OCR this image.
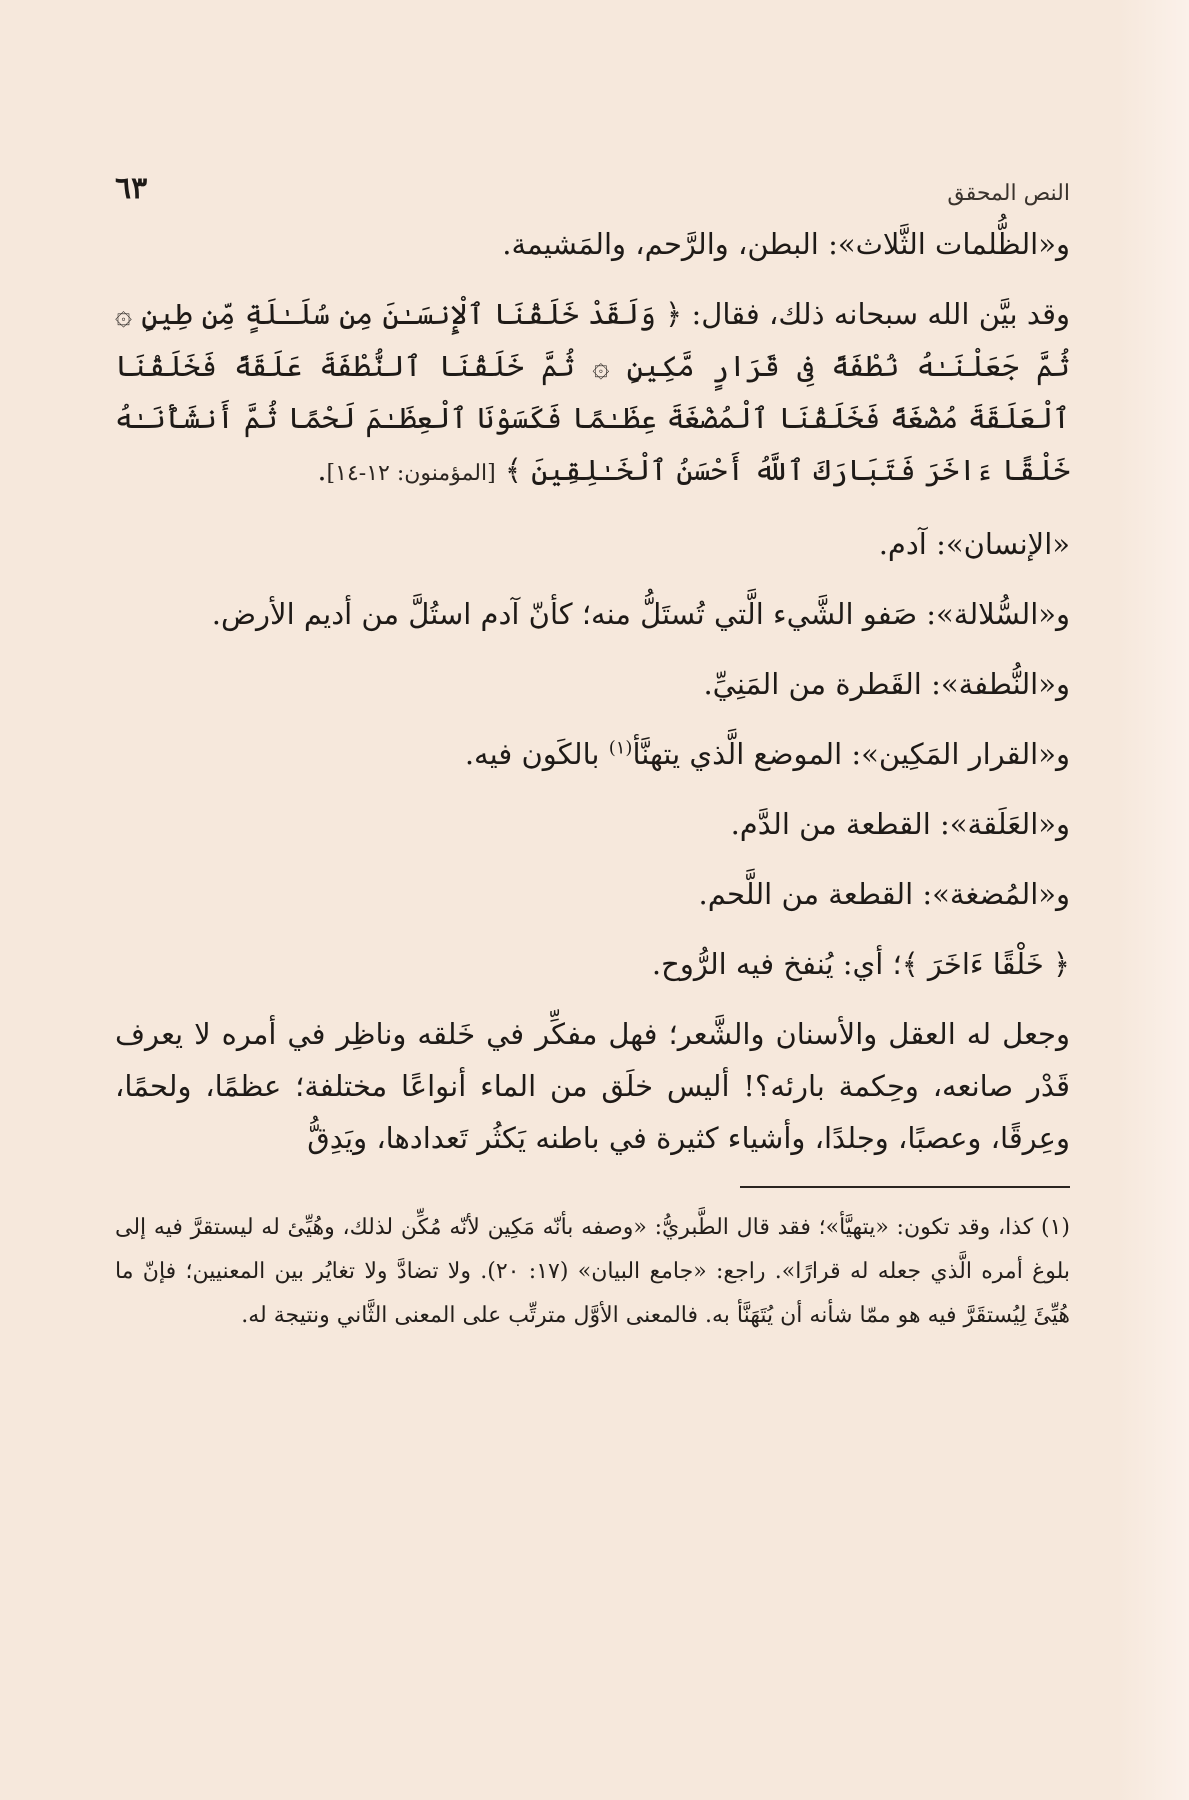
النص المحقق
٦٣

و«الظُّلمات الثَّلاث»: البطن، والرَّحم، والمَشيمة.

وقد بيَّن الله سبحانه ذلك، فقال: ﴿ وَلَقَدْ خَلَقْنَا ٱلْإِنسَـٰنَ مِن سُلَـٰلَةٍ مِّن طِينٍ ۞ ثُمَّ جَعَلْنَـٰهُ نُطْفَةً فِى قَرَارٍ مَّكِينٍ ۞ ثُمَّ خَلَقْنَا ٱلنُّطْفَةَ عَلَقَةً فَخَلَقْنَا ٱلْعَلَقَةَ مُضْغَةً فَخَلَقْنَا ٱلْمُضْغَةَ عِظَـٰمًا فَكَسَوْنَا ٱلْعِظَـٰمَ لَحْمًا ثُمَّ أَنشَأْنَـٰهُ خَلْقًا ءَاخَرَ فَتَبَارَكَ ٱللَّهُ أَحْسَنُ ٱلْخَـٰلِقِينَ ﴾ [المؤمنون: ١٢-١٤].

«الإنسان»: آدم.

و«السُّلالة»: صَفو الشَّيء الَّتي تُستَلُّ منه؛ كأنّ آدم استُلَّ من أديم الأرض.

و«النُّطفة»: القَطرة من المَنِيِّ.

و«القرار المَكِين»: الموضع الَّذي يتهنَّأ$^{(١)}$ بالكَون فيه.

و«العَلَقة»: القطعة من الدَّم.

و«المُضغة»: القطعة من اللَّحم.

﴿ خَلْقًا ءَاخَرَ ﴾؛ أي: يُنفخ فيه الرُّوح.

وجعل له العقل والأسنان والشَّعر؛ فهل مفكِّر في خَلقه وناظِر في أمره لا يعرف قَدْر صانعه، وحِكمة بارئه؟! أليس خلَق من الماء أنواعًا مختلفة؛ عظمًا، ولحمًا، وعِرقًا، وعصبًا، وجلدًا، وأشياء كثيرة في باطنه يَكثُر تَعدادها، ويَدِقُّ

(١) كذا، وقد تكون: «يتهيَّأ»؛ فقد قال الطَّبريُّ: «وصفه بأنّه مَكِين لأنّه مُكِّن لذلك، وهُيِّئ له ليستقرَّ فيه إلى بلوغ أمره الَّذي جعله له قرارًا». راجع: «جامع البيان» (١٧: ٢٠). ولا تضادَّ ولا تغايُر بين المعنيين؛ فإنّ ما هُيِّئَ لِيُستقَرَّ فيه هو ممّا شأنه أن يُتَهَنَّأ به. فالمعنى الأوَّل مترتِّب على المعنى الثَّاني ونتيجة له.
